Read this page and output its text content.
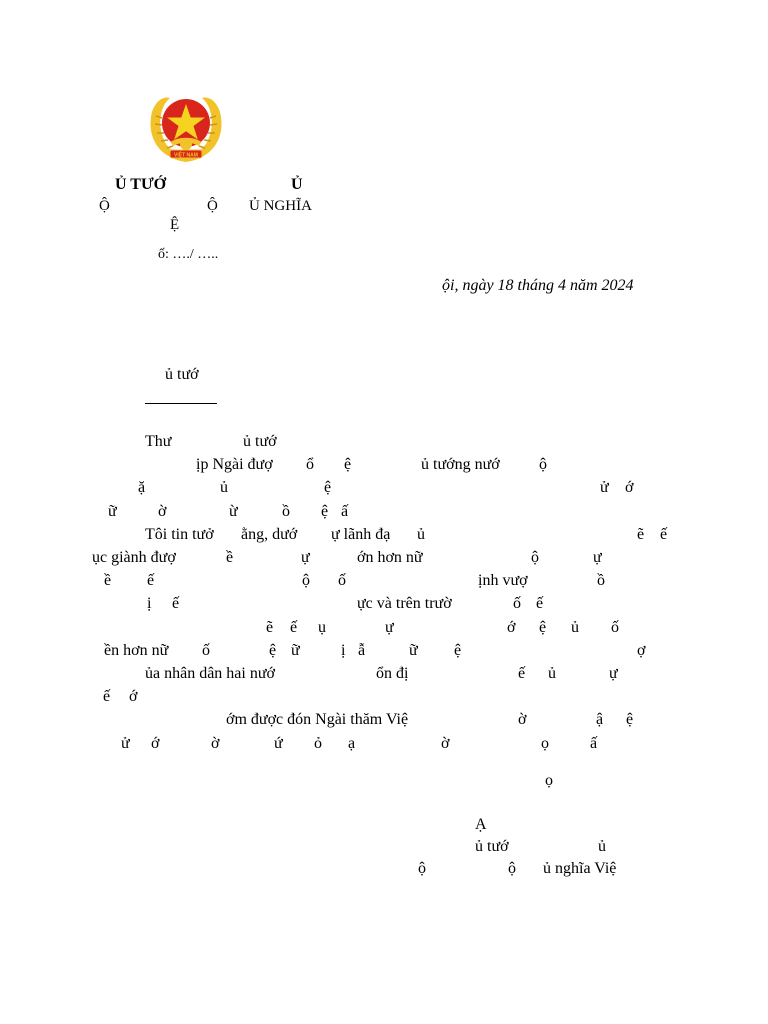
VIỆT NAM
Ủ TƯỚ	Ủ
Ộ	Ộ Ủ NGHĨA
Ệ
ố: …./ …..
ội, ngày 18 tháng 4 năm 2024
ủ tướ
Thư	ủ tướ
ịp Ngài đượ ổ ệ	ủ tướng nướ ộ
ặ	ủ	ệ	ử ớ
ữ	ờ	ừ	ồ ệ ấ
Tôi tin tưở ằng, dướ ự lãnh đạ ủ	ẽ ế
ục giành đượ	ề	ự	ớn hơn nữ	ộ	ự
ề ế	ộ ố	ịnh vượ	ồ
ị ế	ực và trên trườ	ố ế
ẽ ế ụ	ự	ớ ệ ủ ố
ền hơn nữ ố	ệ ữ	ị ẫ	ữ ệ	ợ
ủa nhân dân hai nướ	ổn đị	ế ủ	ự
ế ớ
ớm được đón Ngài thăm Việ	ờ	ậ ệ
ử ớ	ờ	ứ ỏ ạ	ờ	ọ	ấ
ọ
Ạ
ủ tướ	ủ
ộ	ộ ủ nghĩa Việ
